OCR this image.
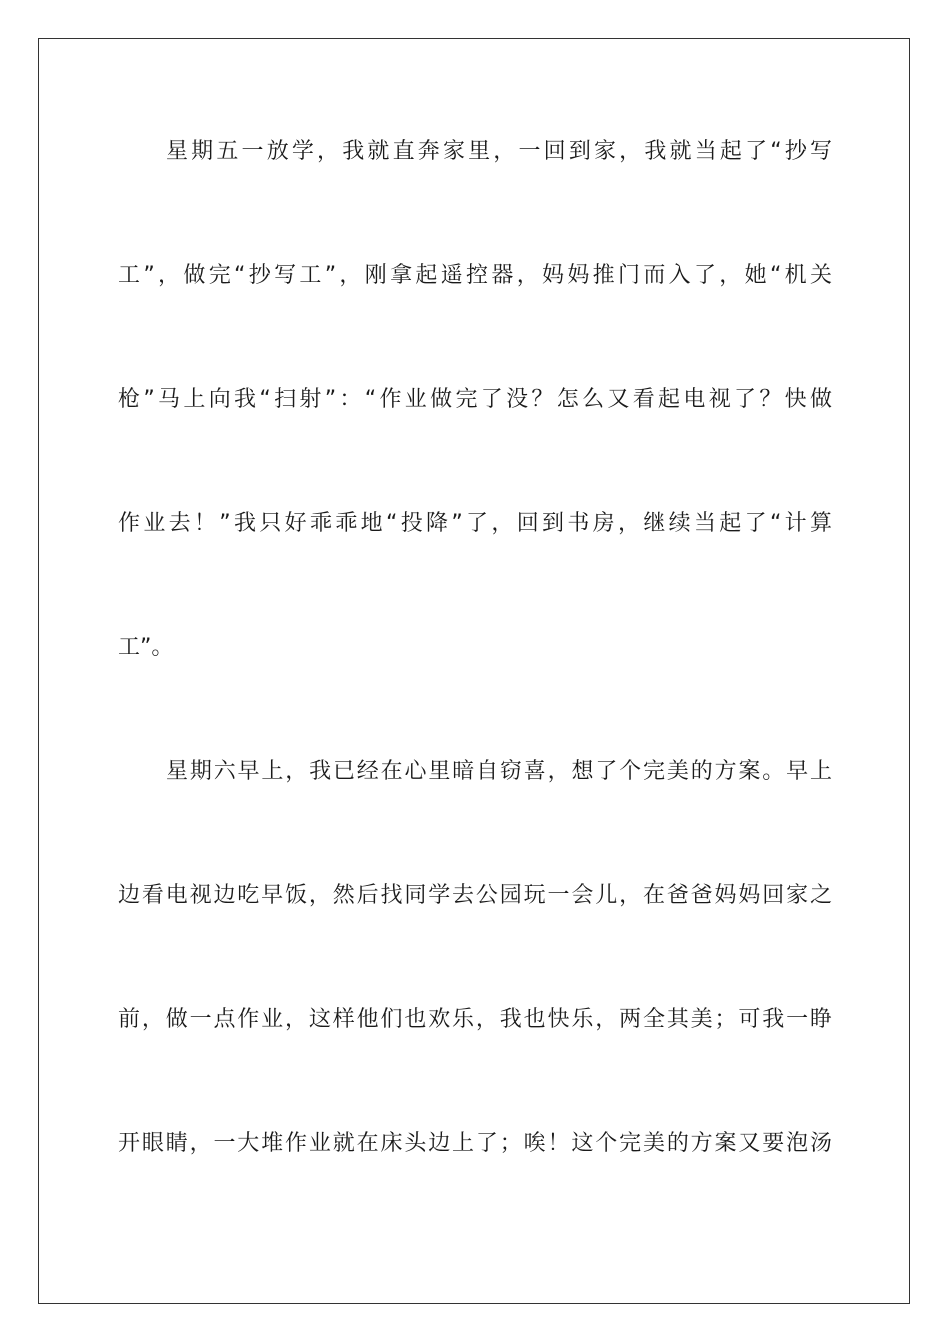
星期五一放学，我就直奔家里，一回到家，我就当起了“抄写
工”，做完“抄写工”，刚拿起遥控器，妈妈推门而入了，她“机关
枪”马上向我“扫射”：“作业做完了没？怎么又看起电视了？快做
作业去！”我只好乖乖地“投降”了，回到书房，继续当起了“计算
工”。
星期六早上，我已经在心里暗自窃喜，想了个完美的方案。早上
边看电视边吃早饭，然后找同学去公园玩一会儿，在爸爸妈妈回家之
前，做一点作业，这样他们也欢乐，我也快乐，两全其美；可我一睁
开眼睛，一大堆作业就在床头边上了；唉！这个完美的方案又要泡汤
